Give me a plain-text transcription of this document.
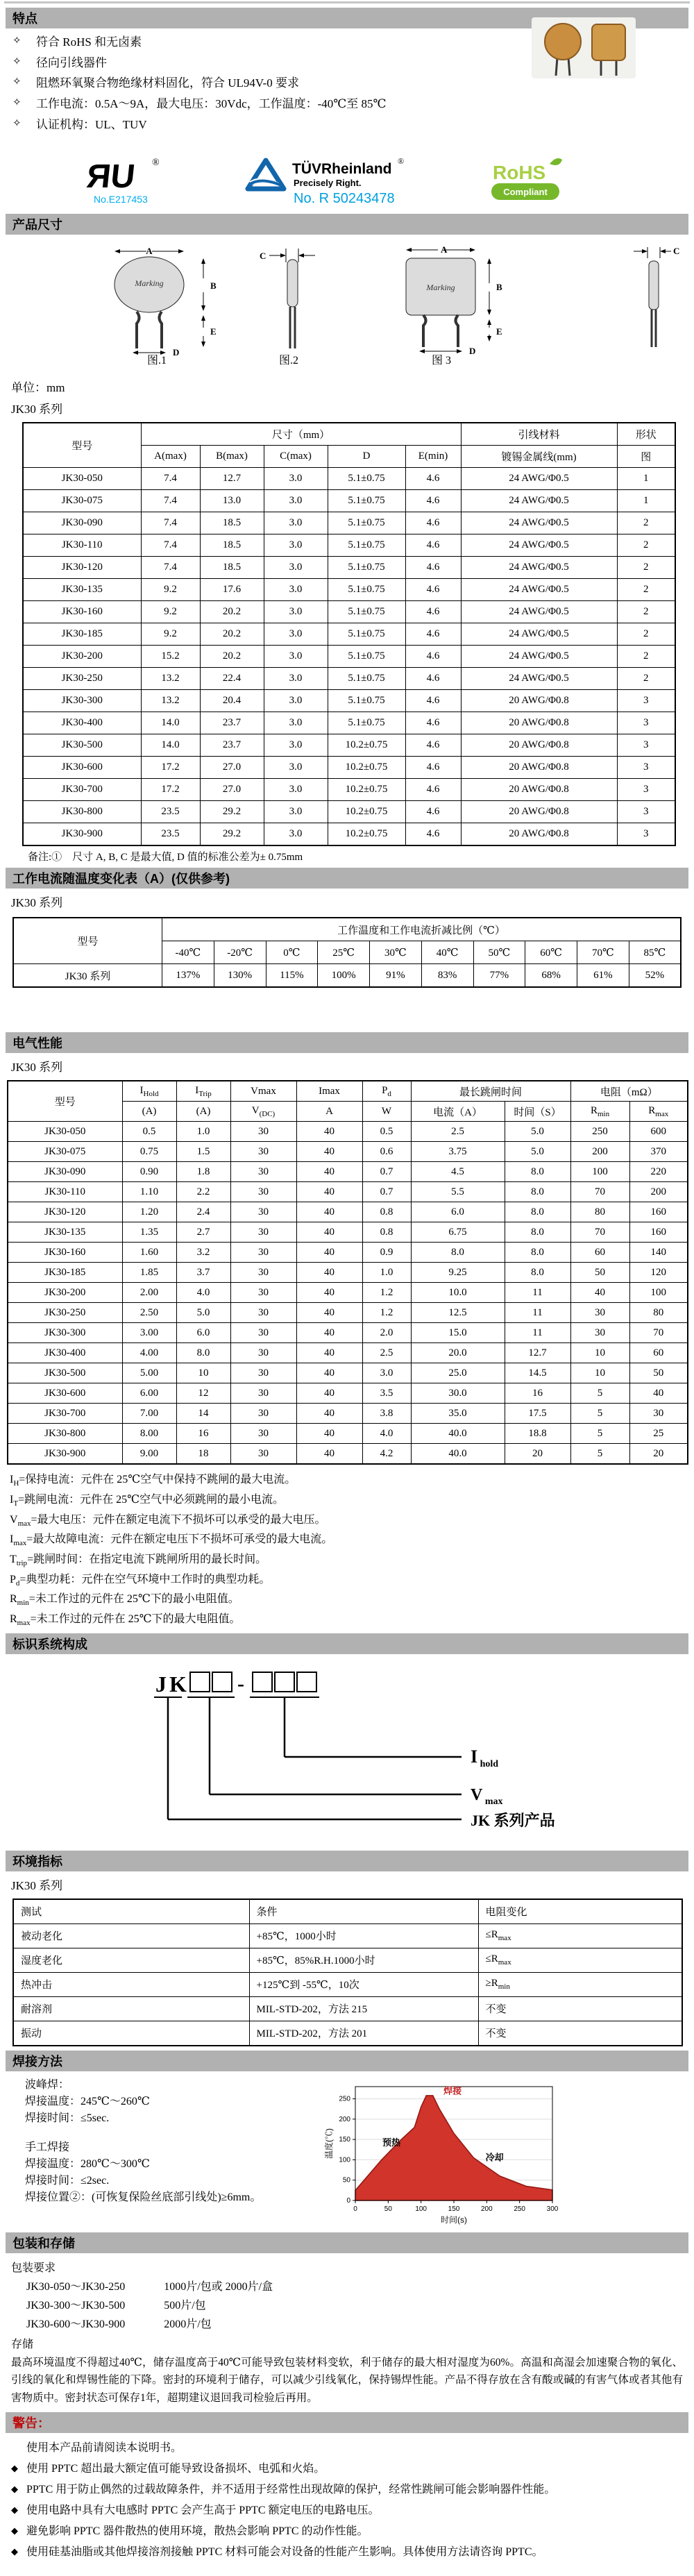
特点
✧	符合 RoHS 和无卤素
✧	径向引线器件
✧	阻燃环氧聚合物绝缘材料固化，符合 UL94V-0 要求
✧	工作电流：0.5A～9A，最大电压：30Vdc，工作温度：-40℃至 85℃
✧	认证机构：UL、TUV
ЯU ®
No.E217453
TÜVRheinland ®
Precisely Right.
No. R 50243478
RoHS
Compliant
产品尺寸
A
Marking	B
E
D
C
A
Marking	B
E
D
C
图.1	图.2	图 3
单位：mm
JK30 系列
型号	尺寸（mm）					引线材料	形状
	A(max)	B(max)	C(max)	D	E(min)	镀锡金属线(mm)	图
JK30-050	7.4	12.7	3.0	5.1±0.75	4.6	24 AWG/Φ0.5	1
JK30-075	7.4	13.0	3.0	5.1±0.75	4.6	24 AWG/Φ0.5	1
JK30-090	7.4	18.5	3.0	5.1±0.75	4.6	24 AWG/Φ0.5	2
JK30-110	7.4	18.5	3.0	5.1±0.75	4.6	24 AWG/Φ0.5	2
JK30-120	7.4	18.5	3.0	5.1±0.75	4.6	24 AWG/Φ0.5	2
JK30-135	9.2	17.6	3.0	5.1±0.75	4.6	24 AWG/Φ0.5	2
JK30-160	9.2	20.2	3.0	5.1±0.75	4.6	24 AWG/Φ0.5	2
JK30-185	9.2	20.2	3.0	5.1±0.75	4.6	24 AWG/Φ0.5	2
JK30-200	15.2	20.2	3.0	5.1±0.75	4.6	24 AWG/Φ0.5	2
JK30-250	13.2	22.4	3.0	5.1±0.75	4.6	24 AWG/Φ0.5	2
JK30-300	13.2	20.4	3.0	5.1±0.75	4.6	20 AWG/Φ0.8	3
JK30-400	14.0	23.7	3.0	5.1±0.75	4.6	20 AWG/Φ0.8	3
JK30-500	14.0	23.7	3.0	10.2±0.75	4.6	20 AWG/Φ0.8	3
JK30-600	17.2	27.0	3.0	10.2±0.75	4.6	20 AWG/Φ0.8	3
JK30-700	17.2	27.0	3.0	10.2±0.75	4.6	20 AWG/Φ0.8	3
JK30-800	23.5	29.2	3.0	10.2±0.75	4.6	20 AWG/Φ0.8	3
JK30-900	23.5	29.2	3.0	10.2±0.75	4.6	20 AWG/Φ0.8	3
备注:①　尺寸 A, B, C 是最大值, D 值的标准公差为± 0.75mm
工作电流随温度变化表（A）(仅供参考)
JK30 系列
型号	工作温度和工作电流折减比例（℃）									
	-40℃	-20℃	0℃	25℃	30℃	40℃	50℃	60℃	70℃	85℃
JK30 系列	137%	130%	115%	100%	91%	83%	77%	68%	61%	52%
电气性能
JK30 系列
型号	$I_{Hold}$	$I_{Trip}$	Vmax	Imax	$P_d$	最长跳闸时间		电阻（mΩ）	
	(A)	(A)	$V_{(DC)}$	A	W	电流（A）	时间（S）	$R_{min}$	$R_{max}$
JK30-050	0.5	1.0	30	40	0.5	2.5	5.0	250	600
JK30-075	0.75	1.5	30	40	0.6	3.75	5.0	200	370
JK30-090	0.90	1.8	30	40	0.7	4.5	8.0	100	220
JK30-110	1.10	2.2	30	40	0.7	5.5	8.0	70	200
JK30-120	1.20	2.4	30	40	0.8	6.0	8.0	80	160
JK30-135	1.35	2.7	30	40	0.8	6.75	8.0	70	160
JK30-160	1.60	3.2	30	40	0.9	8.0	8.0	60	140
JK30-185	1.85	3.7	30	40	1.0	9.25	8.0	50	120
JK30-200	2.00	4.0	30	40	1.2	10.0	11	40	100
JK30-250	2.50	5.0	30	40	1.2	12.5	11	30	80
JK30-300	3.00	6.0	30	40	2.0	15.0	11	30	70
JK30-400	4.00	8.0	30	40	2.5	20.0	12.7	10	60
JK30-500	5.00	10	30	40	3.0	25.0	14.5	10	50
JK30-600	6.00	12	30	40	3.5	30.0	16	5	40
JK30-700	7.00	14	30	40	3.8	35.0	17.5	5	30
JK30-800	8.00	16	30	40	4.0	40.0	18.8	5	25
JK30-900	9.00	18	30	40	4.2	40.0	20	5	20
$I_H=$保持电流：元件在 25℃空气中保持不跳闸的最大电流。
$I_T=$跳闸电流：元件在 25℃空气中必须跳闸的最小电流。
$V_{max}=$最大电压：元件在额定电流下不损坏可以承受的最大电压。
$I_{max}=$最大故障电流：元件在额定电压下不损坏可承受的最大电流。
$T_{trip}=$跳闸时间：在指定电流下跳闸所用的最长时间。
$P_d=$典型功耗：元件在空气环境中工作时的典型功耗。
$R_{min}=$未工作过的元件在 25℃下的最小电阻值。
$R_{max}=$未工作过的元件在 25℃下的最大电阻值。
标识系统构成
JK -
I $_{hold}$
V $_{max}$
JK 系列产品
环境指标
JK30 系列
测试	条件	电阻变化
被动老化	+85℃，1000小时	$\le R_{max}$
湿度老化	+85℃，85%R.H.1000小时	$\le R_{max}$
热冲击	+125℃到 -55℃，10次	$\ge R_{min}$
耐溶剂	MIL-STD-202，方法 215	不变
振动	MIL-STD-202，方法 201	不变
焊接方法
波峰焊：
焊接温度：245℃～260℃
焊接时间：≤5sec.
手工焊接
焊接温度：280℃～300℃
焊接时间：≤2sec.
焊接位置②：(可恢复保险丝底部引线处)≥6mm。
0	50	100	150	200	250	300
0
50
100
150
200
250
时间(s)
温度(℃)
焊接
预热
冷却
包装和存储
包装要求
JK30-050～JK30-250	1000片/包或 2000片/盒
JK30-300～JK30-500	500片/包
JK30-600～JK30-900	2000片/包
存储
最高环境温度不得超过40℃，储存温度高于40℃可能导致包装材料变软，利于储存的最大相对湿度为60%。高温和高湿会加速聚合物的氧化、引线的氧化和焊锡性能的下降。密封的环境利于储存，可以减少引线氧化，保持锡焊性能。产品不得存放在含有酸或碱的有害气体或者其他有害物质中。密封状态可保存1年，超期建议退回我司检验后再用。
警告：
使用本产品前请阅读本说明书。
◆ 使用 PPTC 超出最大额定值可能导致设备损坏、电弧和火焰。
◆ PPTC 用于防止偶然的过载故障条件，并不适用于经常性出现故障的保护，经常性跳闸可能会影响器件性能。
◆ 使用电路中具有大电感时 PPTC 会产生高于 PPTC 额定电压的电路电压。
◆ 避免影响 PPTC 器件散热的使用环境，散热会影响 PPTC 的动作性能。
◆ 使用硅基油脂或其他焊接溶剂接触 PPTC 材料可能会对设备的性能产生影响。具体使用方法请咨询 PPTC。
